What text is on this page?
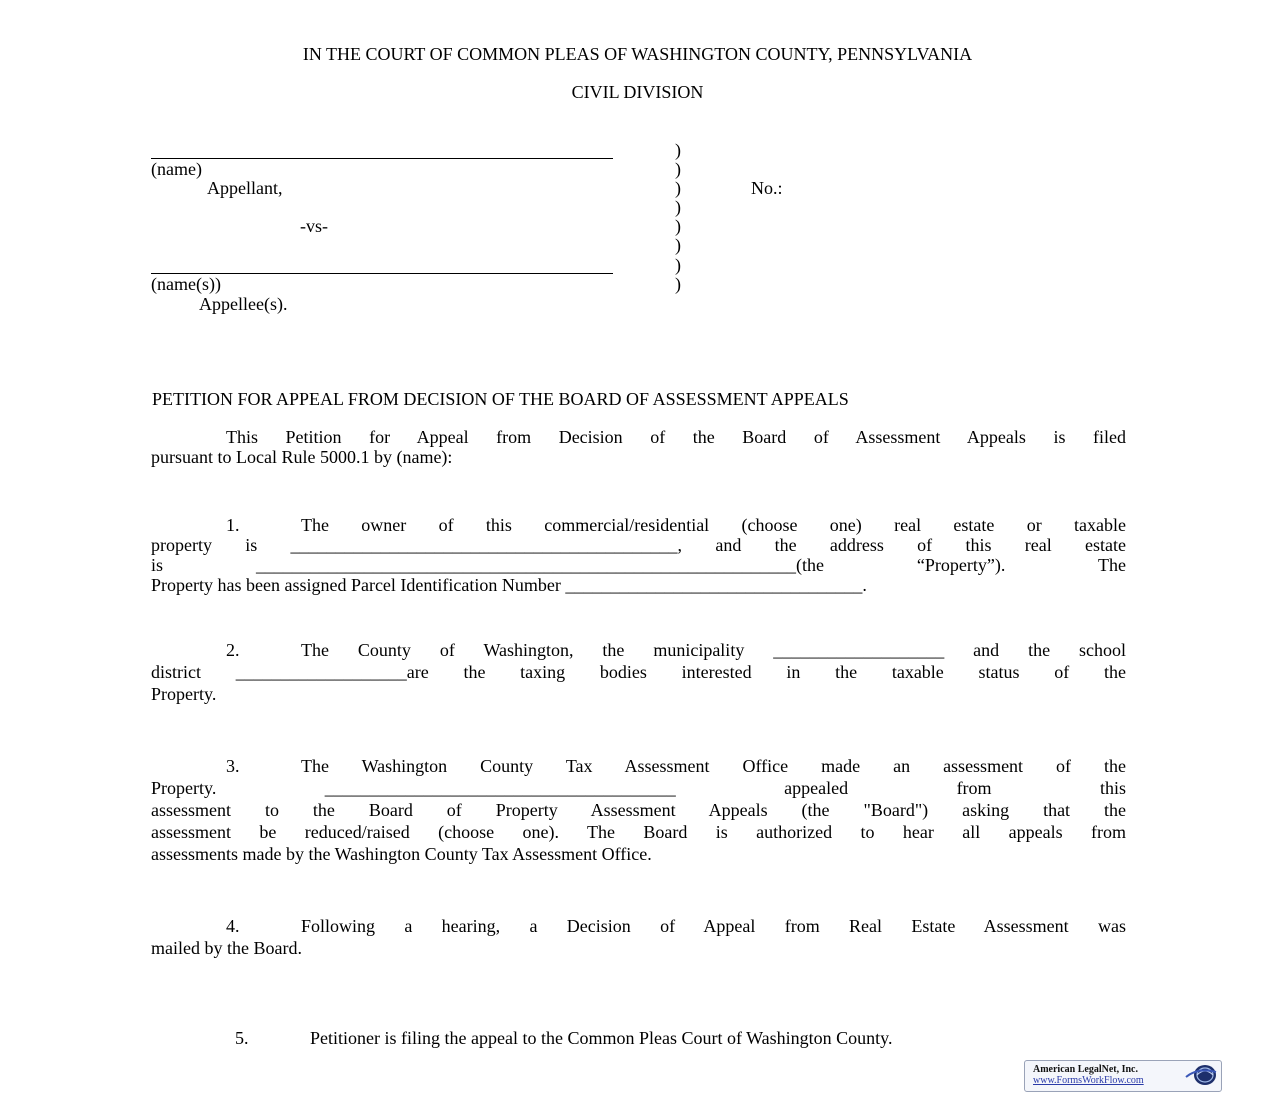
IN THE COURT OF COMMON PLEAS OF WASHINGTON COUNTY, PENNSYLVANIA
CIVIL DIVISION
(name)
Appellant,
-vs-
(name(s))
Appellee(s).
)
)
)
)
)
)
)
)
No.:
PETITION FOR APPEAL FROM DECISION OF THE BOARD OF ASSESSMENT APPEALS
This Petition for Appeal from Decision of the Board of Assessment Appeals is filed
pursuant to Local Rule 5000.1 by (name):
1.	The owner of this commercial/residential (choose one) real estate or taxable
property is ___________________________________________, and the address of this real estate
is ____________________________________________________________(the “Property”). The
Property has been assigned Parcel Identification Number _________________________________.
2.	The County of Washington, the municipality ___________________ and the school
district ___________________are the taxing bodies interested in the taxable status of the
Property.
3.	The Washington County Tax Assessment Office made an assessment of the
Property. _______________________________________ appealed from this
assessment to the Board of Property Assessment Appeals (the "Board") asking that the
assessment be reduced/raised (choose one). The Board is authorized to hear all appeals from
assessments made by the Washington County Tax Assessment Office.
4.	Following a hearing, a Decision of Appeal from Real Estate Assessment was
mailed by the Board.

5.	Petitioner is filing the appeal to the Common Pleas Court of Washington County.

American LegalNet, Inc.
www.FormsWorkFlow.com
